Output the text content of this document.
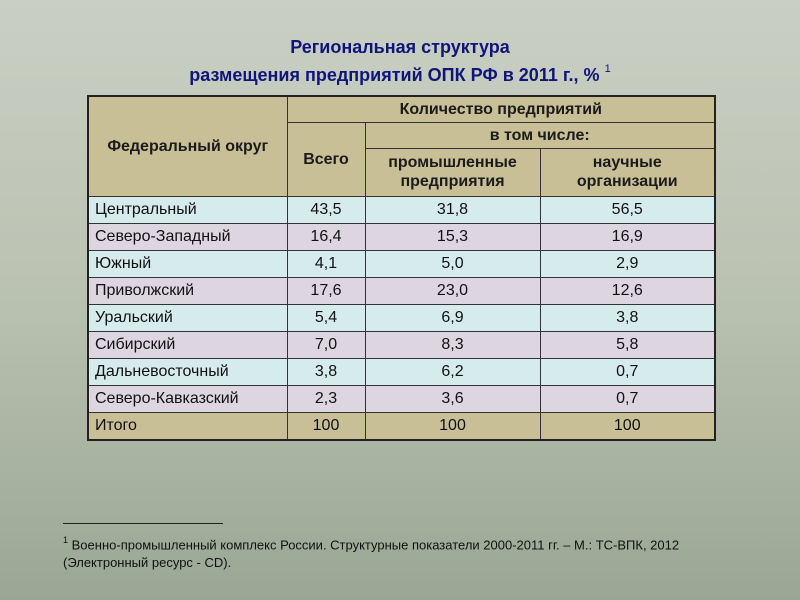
Региональная структура
размещения предприятий ОПК РФ в 2011 г., % $^1$
Федеральный округ	Количество предприятий		
	Всего	в том числе:	
		промышленные предприятия	научные организации
Центральный	43,5	31,8	56,5
Северо-Западный	16,4	15,3	16,9
Южный	4,1	5,0	2,9
Приволжский	17,6	23,0	12,6
Уральский	5,4	6,9	3,8
Сибирский	7,0	8,3	5,8
Дальневосточный	3,8	6,2	0,7
Северо-Кавказский	2,3	3,6	0,7
Итого	100	100	100
$^1$ Военно-промышленный комплекс России. Структурные показатели 2000-2011 гг. – М.: ТС-ВПК, 2012 (Электронный ресурс - CD).
